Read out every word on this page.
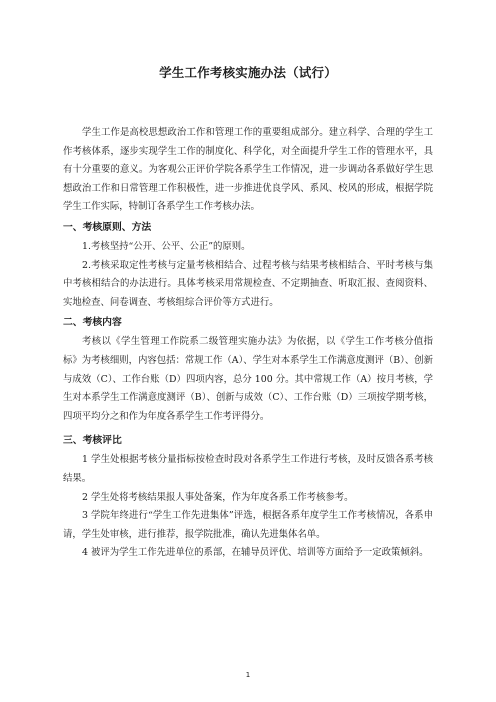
学生工作考核实施办法（试行）

学生工作是高校思想政治工作和管理工作的重要组成部分。建立科学、合理的学生工作考核体系，逐步实现学生工作的制度化、科学化，对全面提升学生工作的管理水平，具有十分重要的意义。为客观公正评价学院各系学生工作情况，进一步调动各系做好学生思想政治工作和日常管理工作积极性，进一步推进优良学风、系风、校风的形成，根据学院学生工作实际，特制订各系学生工作考核办法。

一、考核原则、方法

1.考核坚持“公开、公平、公正”的原则。

2.考核采取定性考核与定量考核相结合、过程考核与结果考核相结合、平时考核与集中考核相结合的办法进行。具体考核采用常规检查、不定期抽查、听取汇报、查阅资料、实地检查、问卷调查、考核组综合评价等方式进行。

二、考核内容

考核以《学生管理工作院系二级管理实施办法》为依据，以《学生工作考核分值指标》为考核细则，内容包括：常规工作（A）、学生对本系学生工作满意度测评（B）、创新与成效（C）、工作台账（D）四项内容，总分 100 分。其中常规工作（A）按月考核，学生对本系学生工作满意度测评（B）、创新与成效（C）、工作台账（D）三项按学期考核，四项平均分之和作为年度各系学生工作考评得分。

三、考核评比

1 学生处根据考核分量指标按检查时段对各系学生工作进行考核，及时反馈各系考核结果。

2 学生处将考核结果报人事处备案，作为年度各系工作考核参考。

3 学院年终进行“学生工作先进集体”评选，根据各系年度学生工作考核情况，各系申请，学生处审核，进行推荐，报学院批准，确认先进集体名单。

4 被评为学生工作先进单位的系部，在辅导员评优、培训等方面给予一定政策倾斜。

1
